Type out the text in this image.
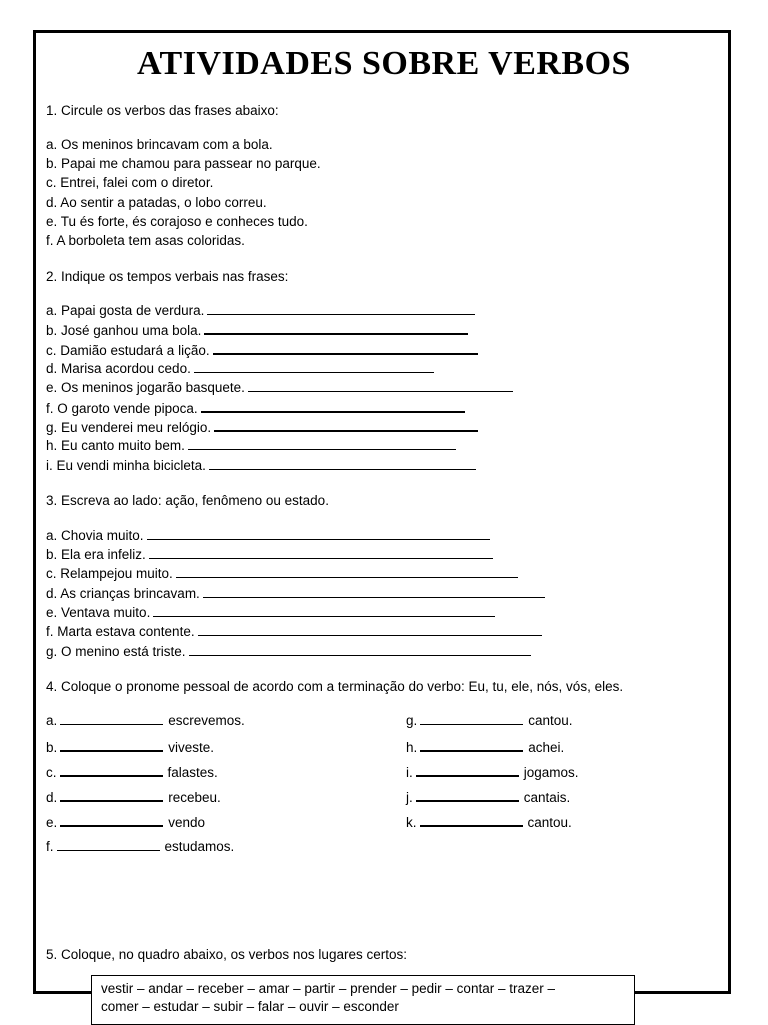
ATIVIDADES SOBRE VERBOS
1. Circule os verbos das frases abaixo:
a. Os meninos brincavam com a bola.
b. Papai me chamou para passear no parque.
c. Entrei, falei com o diretor.
d. Ao sentir a patadas, o lobo correu.
e. Tu és forte, és corajoso e conheces tudo.
f. A borboleta tem asas coloridas.
2. Indique os tempos verbais nas frases:
a. Papai gosta de verdura.
b. José ganhou uma bola.
c. Damião estudará a lição.
d. Marisa acordou cedo.
e. Os meninos jogarão basquete.
f. O garoto vende pipoca.
g. Eu venderei meu relógio.
h. Eu canto muito bem.
i. Eu vendi minha bicicleta.
3. Escreva ao lado: ação, fenômeno ou estado.
a. Chovia muito.
b. Ela era infeliz.
c. Relampejou muito.
d. As crianças brincavam.
e. Ventava muito.
f. Marta estava contente.
g. O menino está triste.
4. Coloque o pronome pessoal de acordo com a terminação do verbo: Eu, tu, ele, nós, vós, eles.
a.	escrevemos.
b.	viveste.
c.	falastes.
d.	recebeu.
e.	vendo
f.	estudamos.
g.	cantou.
h.	achei.
i.	jogamos.
j.	cantais.
k.	cantou.
5. Coloque, no quadro abaixo, os verbos nos lugares certos:
vestir – andar – receber – amar – partir – prender – pedir – contar – trazer –
comer – estudar – subir – falar – ouvir – esconder
